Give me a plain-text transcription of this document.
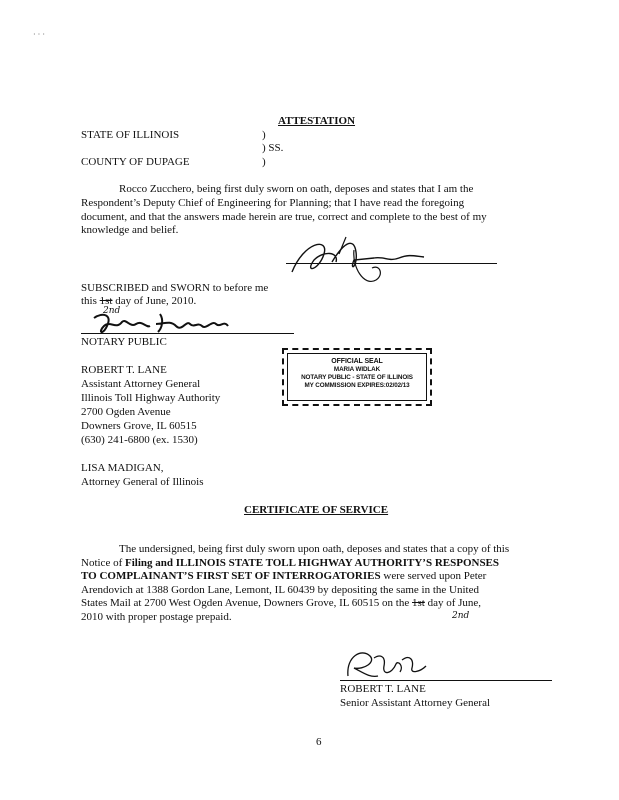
· · ·
ATTESTATION
STATE OF ILLINOIS	)
) SS.
COUNTY OF DUPAGE	)
Rocco Zucchero, being first duly sworn on oath, deposes and states that I am the
Respondent’s Deputy Chief of Engineering for Planning; that I have read the foregoing
document, and that the answers made herein are true, correct and complete to the best of my
knowledge and belief.
SUBSCRIBED and SWORN to before me
this 1st day of June, 2010.
2nd
NOTARY PUBLIC
OFFICIAL SEAL
MARIA WIDLAK
NOTARY PUBLIC - STATE OF ILLINOIS
MY COMMISSION EXPIRES:02/02/13
ROBERT T. LANE
Assistant Attorney General
Illinois Toll Highway Authority
2700 Ogden Avenue
Downers Grove, IL 60515
(630) 241-6800 (ex. 1530)
LISA MADIGAN,
Attorney General of Illinois
CERTIFICATE OF SERVICE
The undersigned, being first duly sworn upon oath, deposes and states that a copy of this
Notice of Filing and ILLINOIS STATE TOLL HIGHWAY AUTHORITY’S RESPONSES
TO COMPLAINANT’S FIRST SET OF INTERROGATORIES were served upon Peter
Arendovich at 1388 Gordon Lane, Lemont, IL 60439 by depositing the same in the United
States Mail at 2700 West Ogden Avenue, Downers Grove, IL 60515 on the 1st day of June,
2010 with proper postage prepaid.	2nd
ROBERT T. LANE
Senior Assistant Attorney General
6
